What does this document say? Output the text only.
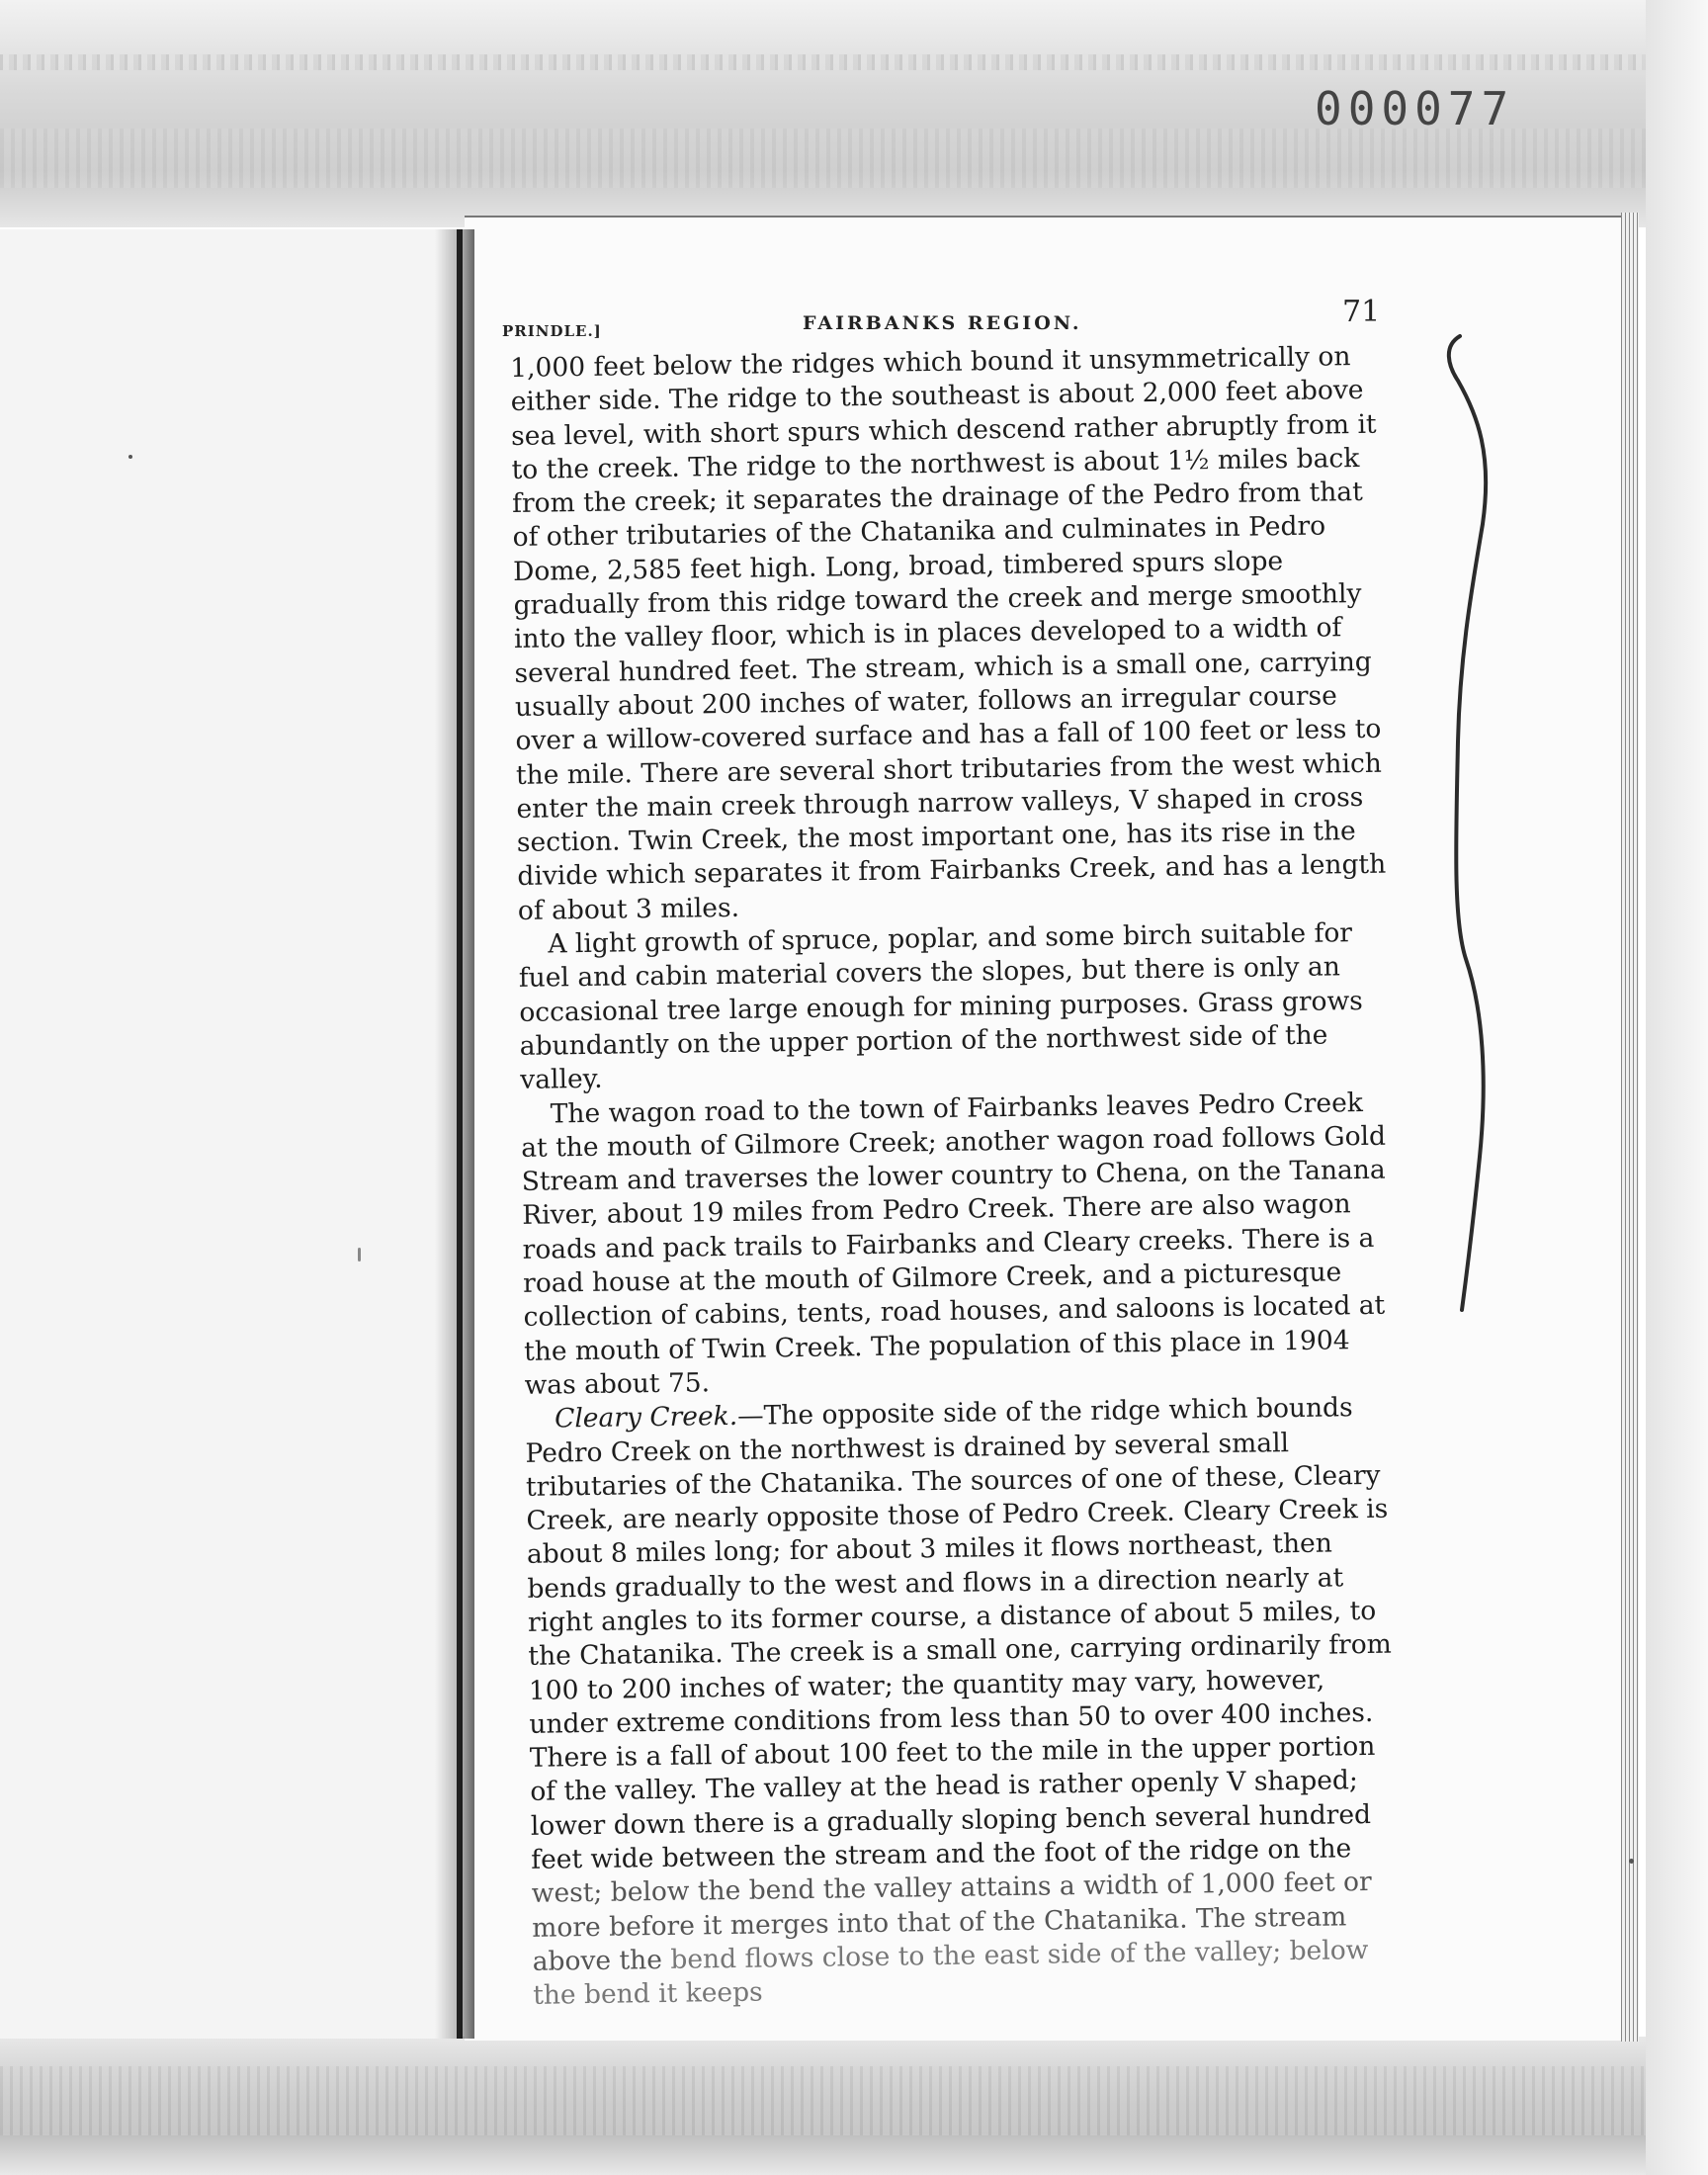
000077
PRINDLE.]	FAIRBANKS REGION.	71
1,000 feet below the ridges which bound it unsymmetrically on either side. The ridge to the southeast is about 2,000 feet above sea level, with short spurs which descend rather abruptly from it to the creek. The ridge to the northwest is about 1½ miles back from the creek; it separates the drainage of the Pedro from that of other tributaries of the Chatanika and culminates in Pedro Dome, 2,585 feet high. Long, broad, timbered spurs slope gradually from this ridge toward the creek and merge smoothly into the valley floor, which is in places developed to a width of several hundred feet. The stream, which is a small one, carrying usually about 200 inches of water, follows an irregular course over a willow-covered surface and has a fall of 100 feet or less to the mile. There are several short tributaries from the west which enter the main creek through narrow valleys, V shaped in cross section. Twin Creek, the most important one, has its rise in the divide which separates it from Fairbanks Creek, and has a length of about 3 miles.
A light growth of spruce, poplar, and some birch suitable for fuel and cabin material covers the slopes, but there is only an occasional tree large enough for mining purposes. Grass grows abundantly on the upper portion of the northwest side of the valley.
The wagon road to the town of Fairbanks leaves Pedro Creek at the mouth of Gilmore Creek; another wagon road follows Gold Stream and traverses the lower country to Chena, on the Tanana River, about 19 miles from Pedro Creek. There are also wagon roads and pack trails to Fairbanks and Cleary creeks. There is a road house at the mouth of Gilmore Creek, and a picturesque collection of cabins, tents, road houses, and saloons is located at the mouth of Twin Creek. The population of this place in 1904 was about 75.
Cleary Creek.—The opposite side of the ridge which bounds Pedro Creek on the northwest is drained by several small tributaries of the Chatanika. The sources of one of these, Cleary Creek, are nearly opposite those of Pedro Creek. Cleary Creek is about 8 miles long; for about 3 miles it flows northeast, then bends gradually to the west and flows in a direction nearly at right angles to its former course, a distance of about 5 miles, to the Chatanika. The creek is a small one, carrying ordinarily from 100 to 200 inches of water; the quantity may vary, however, under extreme conditions from less than 50 to over 400 inches. There is a fall of about 100 feet to the mile in the upper portion of the valley. The valley at the head is rather openly V shaped; lower down there is a gradually sloping bench several hundred feet wide between the stream and the foot of the ridge on the west; below the bend the valley attains a width of 1,000 feet or more before it merges into that of the Chatanika. The stream above the bend flows close to the east side of the valley; below the bend it keeps
